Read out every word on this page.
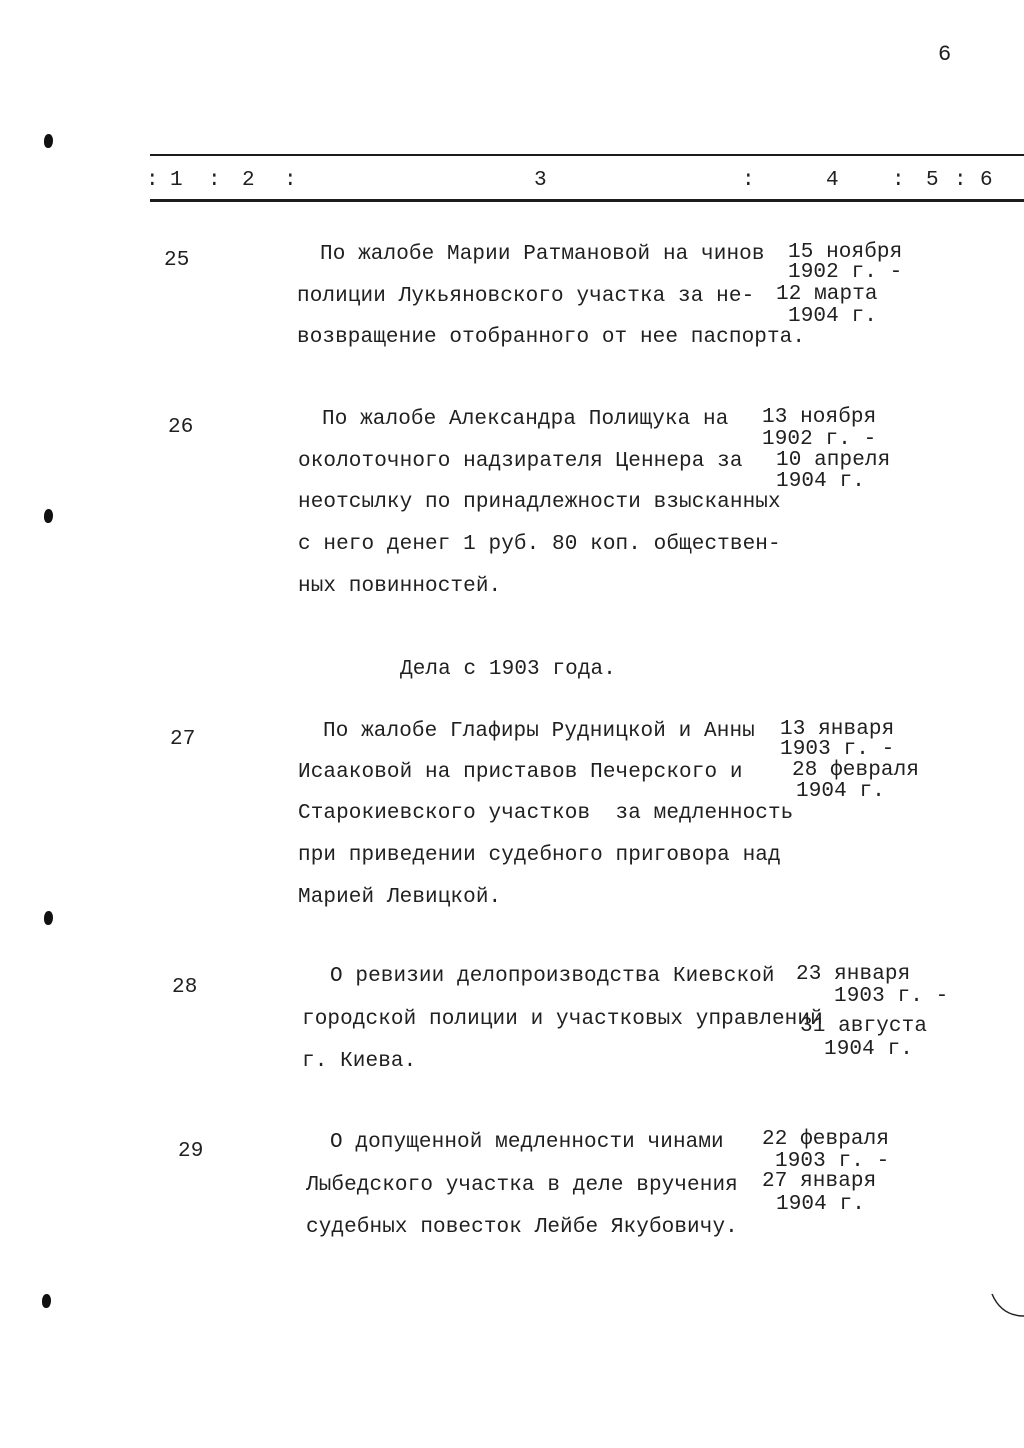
6
: 1 : 2 :	3	:	4	: 5 : 6
25	По жалобе Марии Ратмановой на чинов
полиции Лукьяновского участка за не-
возвращение отобранного от нее паспорта.
15 ноября
1902 г. -
12 марта
1904 г.
26	По жалобе Александра Полищука на
околоточного надзирателя Ценнера за
неотсылку по принадлежности взысканных
с него денег 1 руб. 80 коп. обществен-
ных повинностей.
13 ноября
1902 г. -
10 апреля
1904 г.
Дела с 1903 года.
27	По жалобе Глафиры Рудницкой и Анны
Исааковой на приставов Печерского и
Старокиевского участков  за медленность
при приведении судебного приговора над
Марией Левицкой.
13 января
1903 г. -
28 февраля
1904 г.
28	О ревизии делопроизводства Киевской
городской полиции и участковых управлений
г. Киева.
23 января
1903 г. -
31 августа
1904 г.
29	О допущенной медленности чинами
Лыбедского участка в деле вручения
судебных повесток Лейбе Якубовичу.
22 февраля
1903 г. -
27 января
1904 г.
